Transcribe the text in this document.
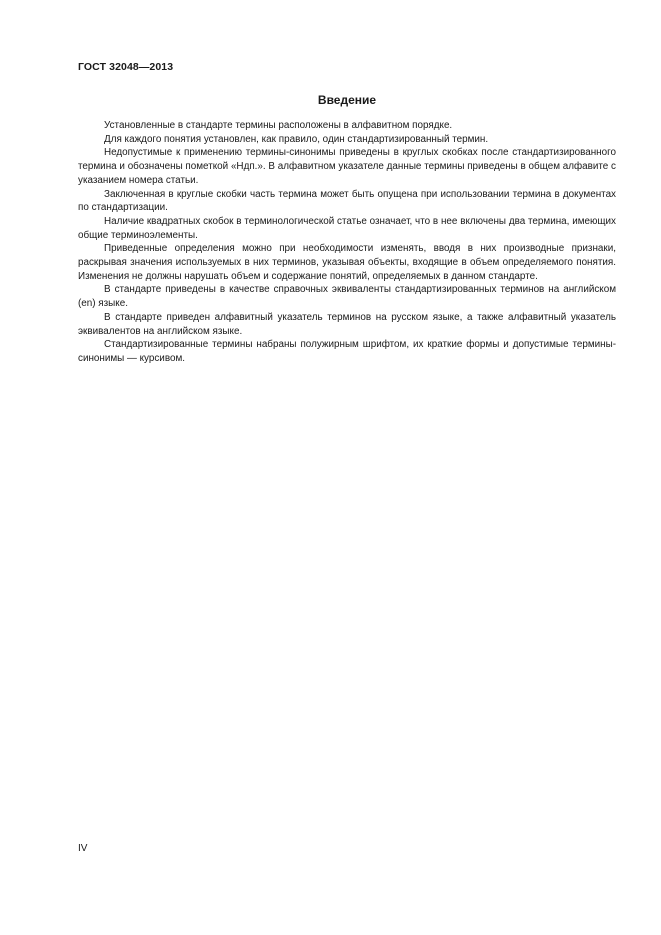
ГОСТ 32048—2013
Введение

Установленные в стандарте термины расположены в алфавитном порядке.

Для каждого понятия установлен, как правило, один стандартизированный термин.

Недопустимые к применению термины-синонимы приведены в круглых скобках после стандартизированного термина и обозначены пометкой «Ндп.». В алфавитном указателе данные термины приведены в общем алфавите с указанием номера статьи.

Заключенная в круглые скобки часть термина может быть опущена при использовании термина в документах по стандартизации.

Наличие квадратных скобок в терминологической статье означает, что в нее включены два термина, имеющих общие терминоэлементы.

Приведенные определения можно при необходимости изменять, вводя в них производные признаки, раскрывая значения используемых в них терминов, указывая объекты, входящие в объем определяемого понятия. Изменения не должны нарушать объем и содержание понятий, определяемых в данном стандарте.

В стандарте приведены в качестве справочных эквиваленты стандартизированных терминов на английском (en) языке.

В стандарте приведен алфавитный указатель терминов на русском языке, а также алфавитный указатель эквивалентов на английском языке.

Стандартизированные термины набраны полужирным шрифтом, их краткие формы и допустимые термины-синонимы — курсивом.

IV
